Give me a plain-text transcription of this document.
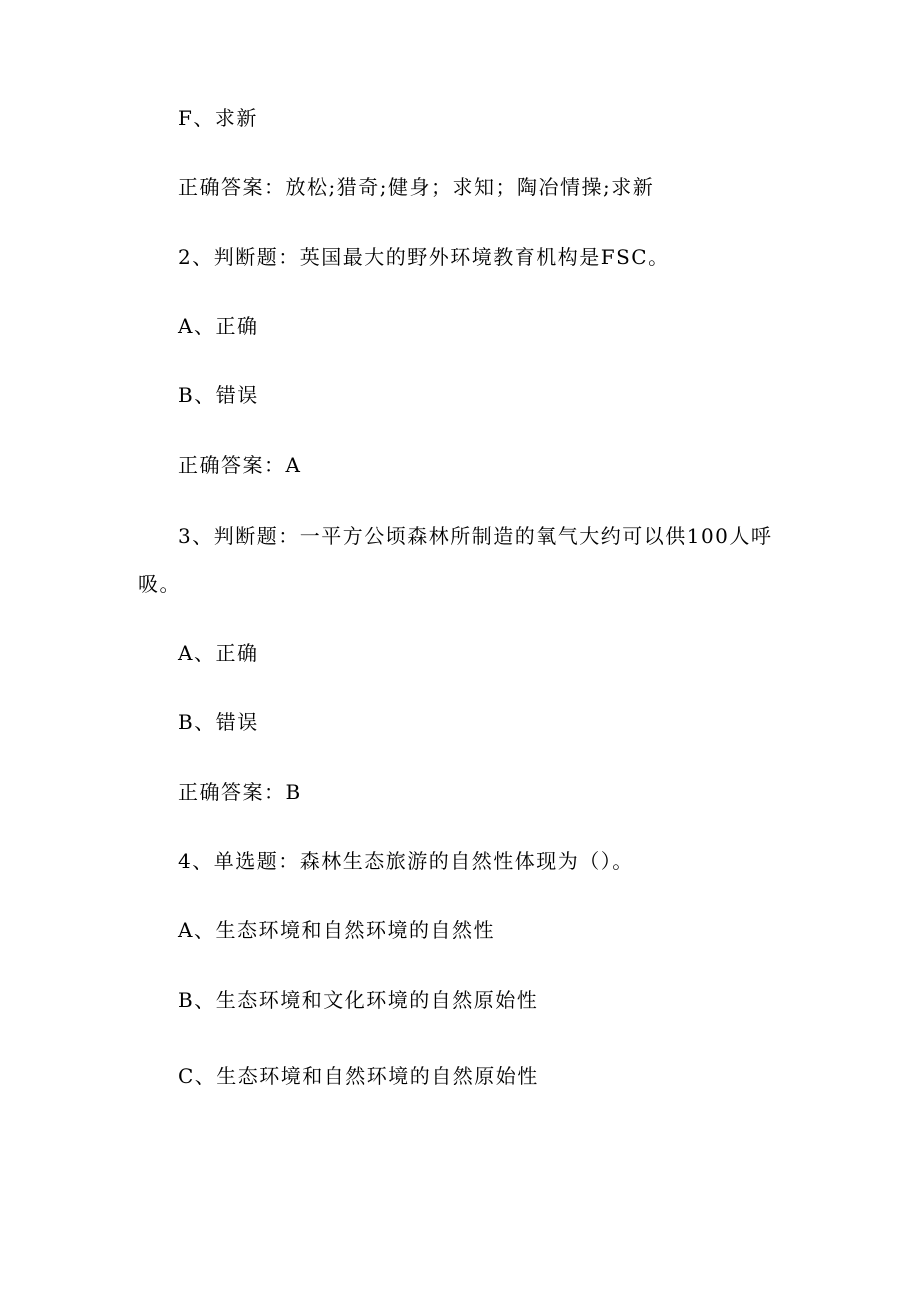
F、求新
正确答案：放松;猎奇;健身；求知；陶冶情操;求新
2、判断题：英国最大的野外环境教育机构是FSC。
A、正确
B、错误
正确答案：A
3、判断题：一平方公顷森林所制造的氧气大约可以供100人呼
吸。
A、正确
B、错误
正确答案：B
4、单选题：森林生态旅游的自然性体现为（）。
A、生态环境和自然环境的自然性
B、生态环境和文化环境的自然原始性
C、生态环境和自然环境的自然原始性
